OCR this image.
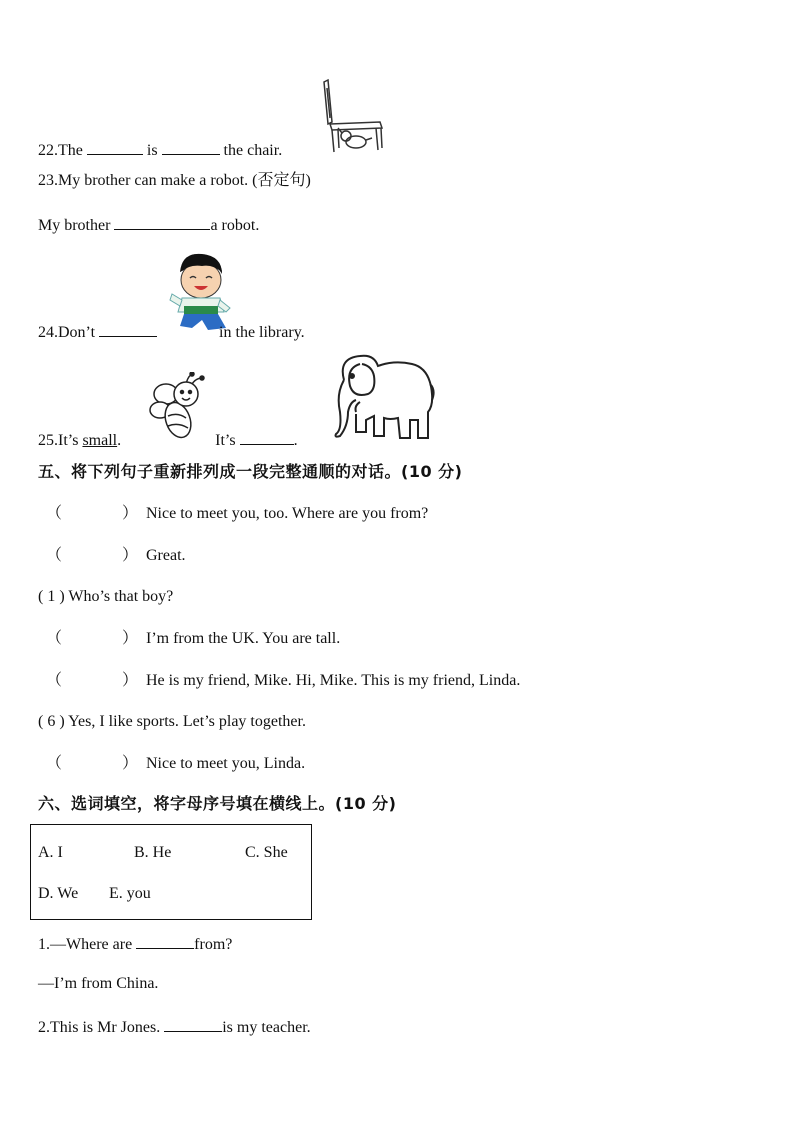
22.The	is	the chair.
23.My brother can make a robot. (否定句)
My brother	a robot.
24.Don’t	in the library.
25.It’s small.	It’s	.
五、将下列句子重新排列成一段完整通顺的对话。(10 分)
（	） Nice to meet you, too. Where are you from?
（	） Great.
( 1 ) Who’s that boy?
（	） I’m from the UK. You are tall.
（	） He is my friend, Mike. Hi, Mike. This is my friend, Linda.
( 6 ) Yes, I like sports. Let’s play together.
（	） Nice to meet you, Linda.
六、选词填空，将字母序号填在横线上。(10 分)
A. I	B. He	C. She
D. We E. you
1.—Where are	from?
—I’m from China.
2.This is Mr Jones.	is my teacher.
